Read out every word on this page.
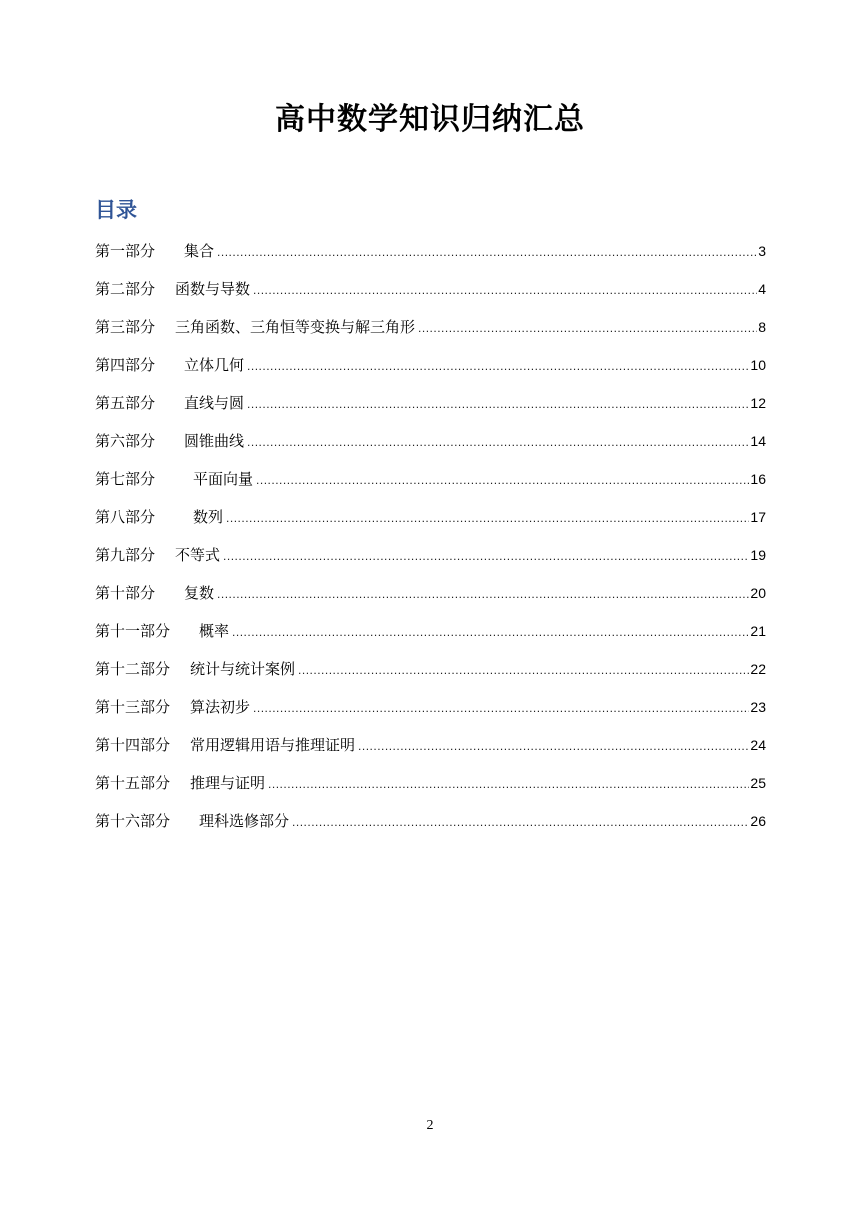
高中数学知识归纳汇总
目录
第一部分 集合 .....	3
第二部分 函数与导数 .....	4
第三部分 三角函数、三角恒等变换与解三角形 .....	8
第四部分 立体几何 .....	10
第五部分 直线与圆 .....	12
第六部分 圆锥曲线 .....	14
第七部分	平面向量 .....	16
第八部分	数列 .....	17
第九部分 不等式 .....	19
第十部分 复数 .....	20
第十一部分 概率 .....	21
第十二部分 统计与统计案例 .....	22
第十三部分 算法初步 .....	23
第十四部分 常用逻辑用语与推理证明 .....	24
第十五部分 推理与证明 .....	25
第十六部分 理科选修部分 .....	26
2
